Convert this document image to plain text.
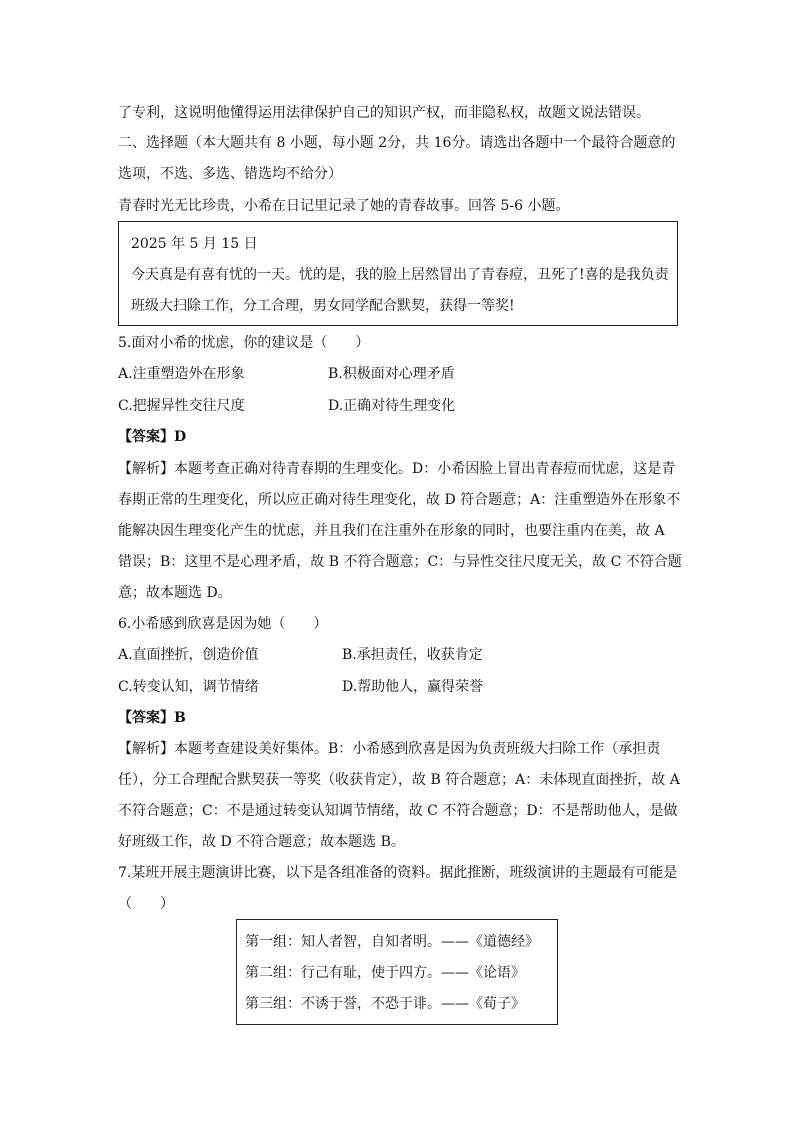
了专利，这说明他懂得运用法律保护自己的知识产权，而非隐私权，故题文说法错误。
二、选择题（本大题共有 8 小题，每小题 2分，共 16分。请选出各题中一个最符合题意的
选项，不选、多选、错选均不给分）
青春时光无比珍贵，小希在日记里记录了她的青春故事。回答 5-6 小题。
2025 年 5 月 15 日
今天真是有喜有忧的一天。忧的是，我的脸上居然冒出了青春痘，丑死了!喜的是我负责
班级大扫除工作，分工合理，男女同学配合默契，获得一等奖!
5.面对小希的忧虑，你的建议是（　　）
A.注重塑造外在形象	B.积极面对心理矛盾
C.把握异性交往尺度	D.正确对待生理变化
【答案】D
【解析】本题考查正确对待青春期的生理变化。D：小希因脸上冒出青春痘而忧虑，这是青
春期正常的生理变化，所以应正确对待生理变化，故 D 符合题意；A：注重塑造外在形象不
能解决因生理变化产生的忧虑，并且我们在注重外在形象的同时，也要注重内在美，故 A
错误；B：这里不是心理矛盾，故 B 不符合题意；C：与异性交往尺度无关，故 C 不符合题
意；故本题选 D。
6.小希感到欣喜是因为她（　　）
A.直面挫折，创造价值	B.承担责任，收获肯定
C.转变认知，调节情绪	D.帮助他人，赢得荣誉
【答案】B
【解析】本题考查建设美好集体。B：小希感到欣喜是因为负责班级大扫除工作（承担责
任），分工合理配合默契获一等奖（收获肯定），故 B 符合题意；A：未体现直面挫折，故 A
不符合题意；C：不是通过转变认知调节情绪，故 C 不符合题意；D：不是帮助他人，是做
好班级工作，故 D 不符合题意；故本题选 B。
7.某班开展主题演讲比赛，以下是各组准备的资料。据此推断，班级演讲的主题最有可能是
（　　）
第一组：知人者智，自知者明。——《道德经》
第二组：行己有耻，使于四方。——《论语》
第三组：不诱于誉，不恐于诽。——《荀子》
